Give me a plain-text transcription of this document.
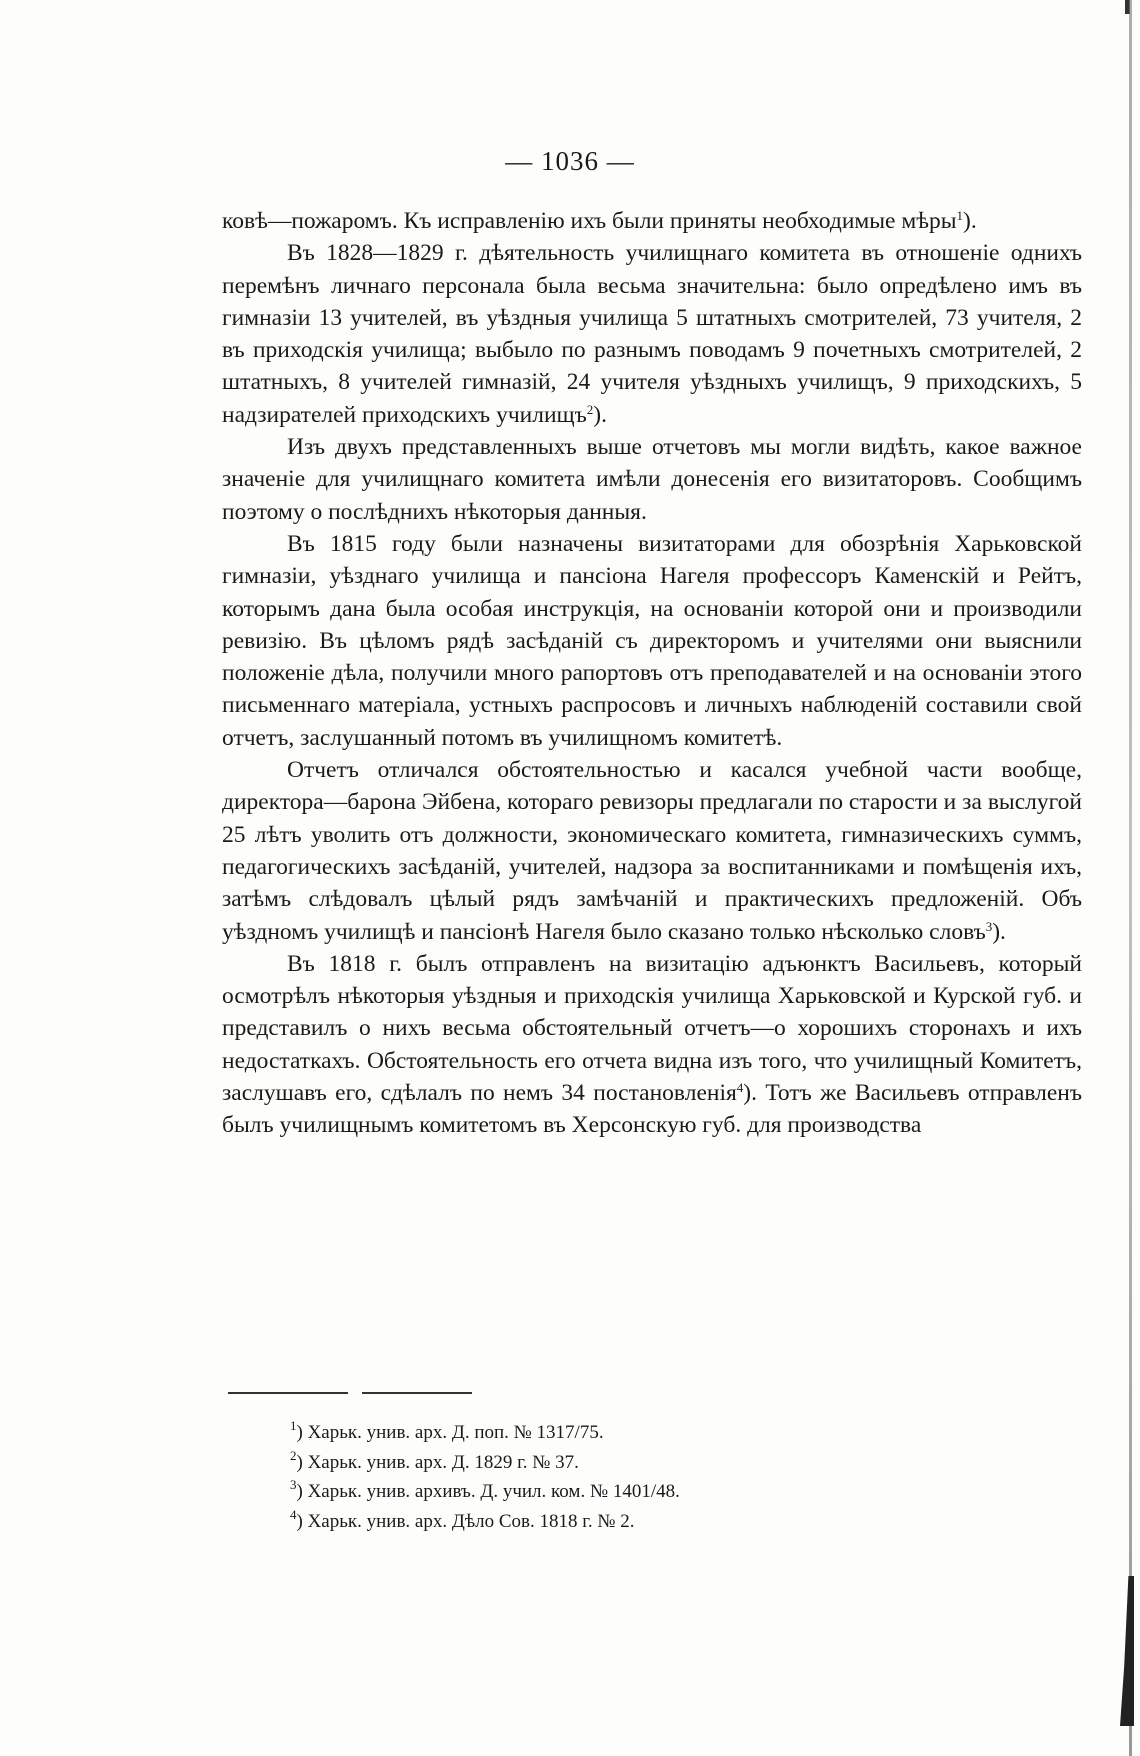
— 1036 —

ковѣ—пожаромъ. Къ исправленію ихъ были приняты необходимые мѣры$^1$).

Въ 1828—1829 г. дѣятельность училищнаго комитета въ отношеніе однихъ перемѣнъ личнаго персонала была весьма значительна: было опредѣлено имъ въ гимназіи 13 учителей, въ уѣздныя училища 5 штатныхъ смотрителей, 73 учителя, 2 въ приходскія училища; выбыло по разнымъ поводамъ 9 почетныхъ смотрителей, 2 штатныхъ, 8 учителей гимназій, 24 учителя уѣздныхъ училищъ, 9 приходскихъ, 5 надзирателей приходскихъ училищъ$^2$).

Изъ двухъ представленныхъ выше отчетовъ мы могли видѣть, какое важное значеніе для училищнаго комитета имѣли донесенія его визитаторовъ. Сообщимъ поэтому о послѣднихъ нѣкоторыя данныя.

Въ 1815 году были назначены визитаторами для обозрѣнія Харьковской гимназіи, уѣзднаго училища и пансіона Нагеля профессоръ Каменскій и Рейтъ, которымъ дана была особая инструкція, на основаніи которой они и производили ревизію. Въ цѣломъ рядѣ засѣданій съ директоромъ и учителями они выяснили положеніе дѣла, получили много рапортовъ отъ преподавателей и на основаніи этого письменнаго матеріала, устныхъ распросовъ и личныхъ наблюденій составили свой отчетъ, заслушанный потомъ въ училищномъ комитетѣ.

Отчетъ отличался обстоятельностью и касался учебной части вообще, директора—барона Эйбена, котораго ревизоры предлагали по старости и за выслугой 25 лѣтъ уволить отъ должности, экономическаго комитета, гимназическихъ суммъ, педагогическихъ засѣданій, учителей, надзора за воспитанниками и помѣщенія ихъ, затѣмъ слѣдовалъ цѣлый рядъ замѣчаній и практическихъ предложеній. Объ уѣздномъ училищѣ и пансіонѣ Нагеля было сказано только нѣсколько словъ$^3$).

Въ 1818 г. былъ отправленъ на визитацію адъюнктъ Васильевъ, который осмотрѣлъ нѣкоторыя уѣздныя и приходскія училища Харьковской и Курской губ. и представилъ о нихъ весьма обстоятельный отчетъ—о хорошихъ сторонахъ и ихъ недостаткахъ. Обстоятельность его отчета видна изъ того, что училищный Комитетъ, заслушавъ его, сдѣлалъ по немъ 34 постановленія$^4$). Тотъ же Васильевъ отправленъ былъ училищнымъ комитетомъ въ Херсонскую губ. для производства

$^1$) Харьк. унив. арх. Д. поп. № 1317/75.
$^2$) Харьк. унив. арх. Д. 1829 г. № 37.
$^3$) Харьк. унив. архивъ. Д. учил. ком. № 1401/48.
$^4$) Харьк. унив. арх. Дѣло Сов. 1818 г. № 2.
